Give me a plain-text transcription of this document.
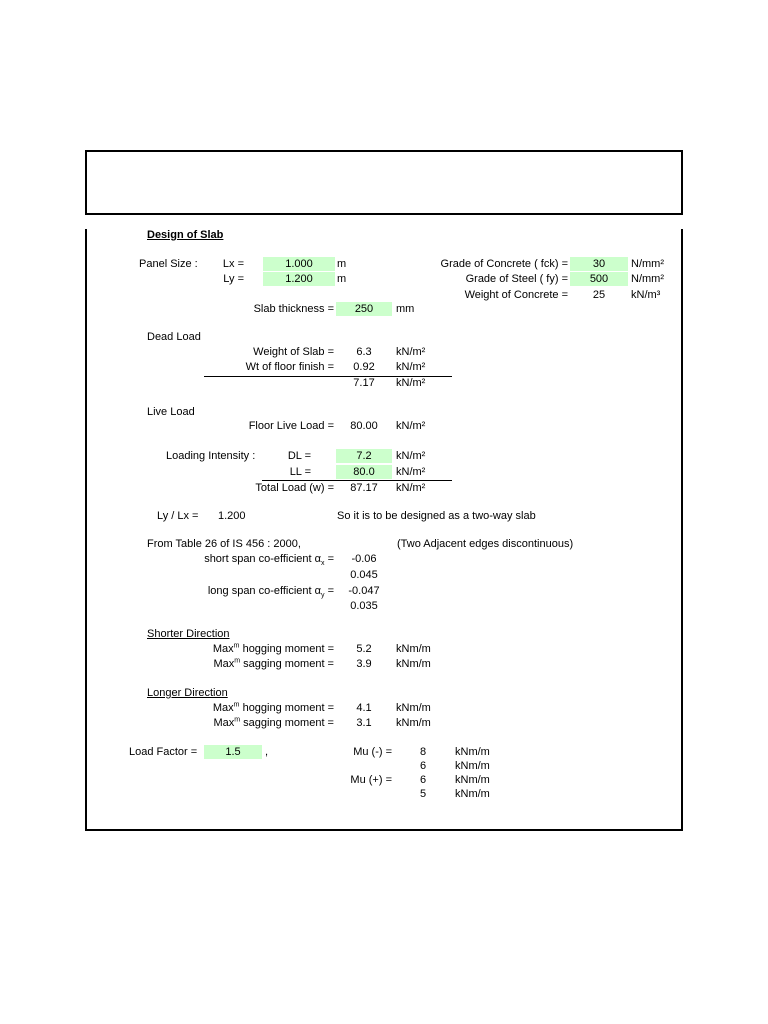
Design of Slab
Panel Size :	Lx =	1.000	m
Ly =	1.200	m
Grade of Concrete ( fck) =	30	N/mm²
Grade of Steel ( fy) =	500	N/mm²
Weight of Concrete =	25	kN/m³
Slab thickness =	250	mm
Dead Load
Weight of Slab =	6.3	kN/m²
Wt of floor finish =	0.92	kN/m²
7.17	kN/m²
Live Load
Floor Live Load =	80.00	kN/m²
Loading Intensity :	DL =	7.2	kN/m²
LL =	80.0	kN/m²
Total Load (w) =	87.17	kN/m²
Ly / Lx = 1.200	So it is to be designed as a two-way slab
From Table 26 of IS 456 : 2000,	(Two Adjacent edges discontinuous)
short span co-efficient $\alpha_x$ =	-0.06
0.045
long span co-efficient $\alpha_y$ =	-0.047
0.035
Shorter Direction
Max$^m$ hogging moment =	5.2	kNm/m
Max$^m$ sagging moment =	3.9	kNm/m
Longer Direction
Max$^m$ hogging moment =	4.1	kNm/m
Max$^m$ sagging moment =	3.1	kNm/m
Load Factor =	1.5	,	Mu (-) =	8	kNm/m
6	kNm/m
Mu (+) =	6	kNm/m
5	kNm/m
